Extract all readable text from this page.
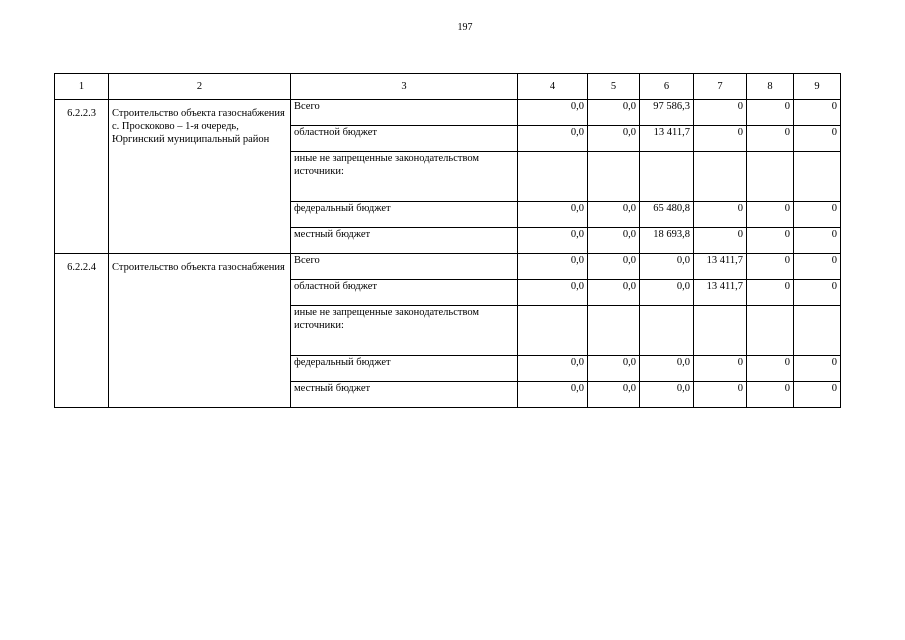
197
1	2	3	4	5	6	7	8	9
6.2.2.3	Строительство объекта газоснабжения с. Проскоково – 1-я очередь, Юргинский муниципальный район	Всего	0,0	0,0	97 586,3	0	0	0
		областной бюджет	0,0	0,0	13 411,7	0	0	0
		иные не запрещенные законодательством источники:						
		федеральный бюджет	0,0	0,0	65 480,8	0	0	0
		местный бюджет	0,0	0,0	18 693,8	0	0	0
6.2.2.4	Строительство объекта газоснабжения	Всего	0,0	0,0	0,0	13 411,7	0	0
		областной бюджет	0,0	0,0	0,0	13 411,7	0	0
		иные не запрещенные законодательством источники:						
		федеральный бюджет	0,0	0,0	0,0	0	0	0
		местный бюджет	0,0	0,0	0,0	0	0	0
